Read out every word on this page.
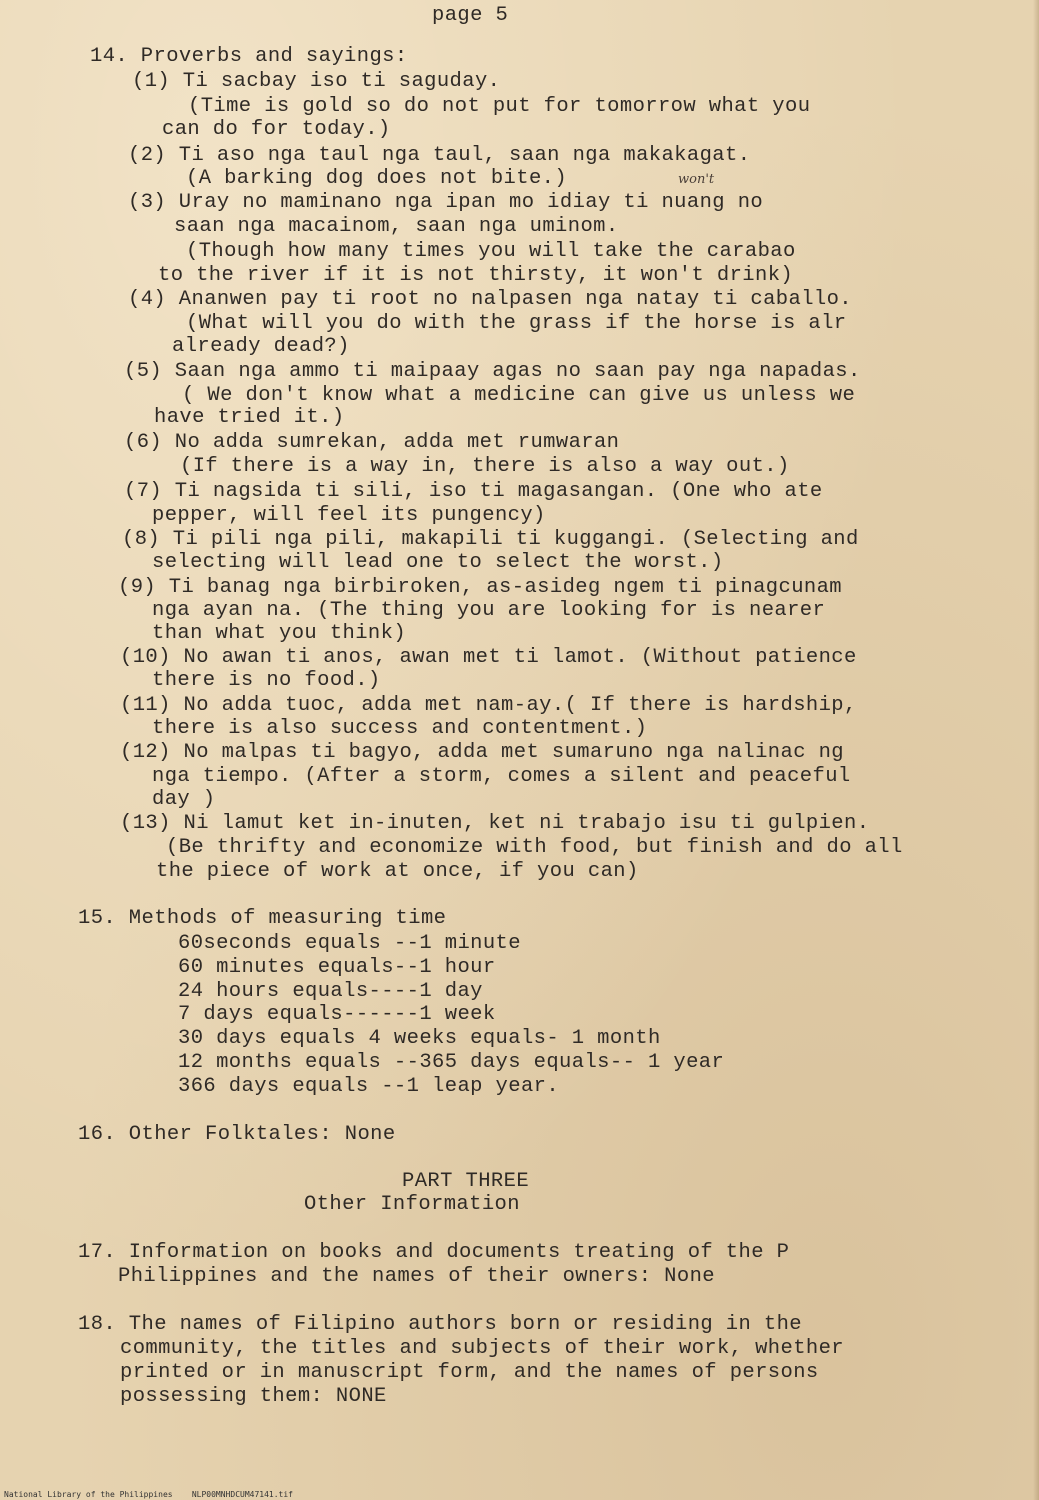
page 5
14. Proverbs and sayings:
(1) Ti sacbay iso ti saguday.
(Time is gold so do not put for tomorrow what you
can do for today.)
(2) Ti aso nga taul nga taul, saan nga makakagat.
(A barking dog does not bite.)	won't
(3) Uray no maminano nga ipan mo idiay ti nuang no
saan nga macainom, saan nga uminom.
(Though how many times you will take the carabao
to the river if it is not thirsty, it won't drink)
(4) Ananwen pay ti root no nalpasen nga natay ti caballo.
(What will you do with the grass if the horse is alr
already dead?)
(5) Saan nga ammo ti maipaay agas no saan pay nga napadas.
( We don't know what a medicine can give us unless we
have tried it.)
(6) No adda sumrekan, adda met rumwaran
(If there is a way in, there is also a way out.)
(7) Ti nagsida ti sili, iso ti magasangan. (One who ate
pepper, will feel its pungency)
(8) Ti pili nga pili, makapili ti kuggangi. (Selecting and
selecting will lead one to select the worst.)
(9) Ti banag nga birbiroken, as-asideg ngem ti pinagcunam
nga ayan na. (The thing you are looking for is nearer
than what you think)
(10) No awan ti anos, awan met ti lamot. (Without patience
there is no food.)
(11) No adda tuoc, adda met nam-ay.( If there is hardship,
there is also success and contentment.)
(12) No malpas ti bagyo, adda met sumaruno nga nalinac ng
nga tiempo. (After a storm, comes a silent and peaceful
day )
(13) Ni lamut ket in-inuten, ket ni trabajo isu ti gulpien.
(Be thrifty and economize with food, but finish and do all
the piece of work at once, if you can)
15. Methods of measuring time
60seconds equals --1 minute
60 minutes equals--1 hour
24 hours equals----1 day
7 days equals------1 week
30 days equals 4 weeks equals- 1 month
12 months equals --365 days equals-- 1 year
366 days equals --1 leap year.
16. Other Folktales: None
PART THREE
Other Information
17. Information on books and documents treating of the P
Philippines and the names of their owners: None
18. The names of Filipino authors born or residing in the
community, the titles and subjects of their work, whether
printed or in manuscript form, and the names of persons
possessing them: NONE
National Library of the Philippines    NLP00MNHDCUM47141.tif
